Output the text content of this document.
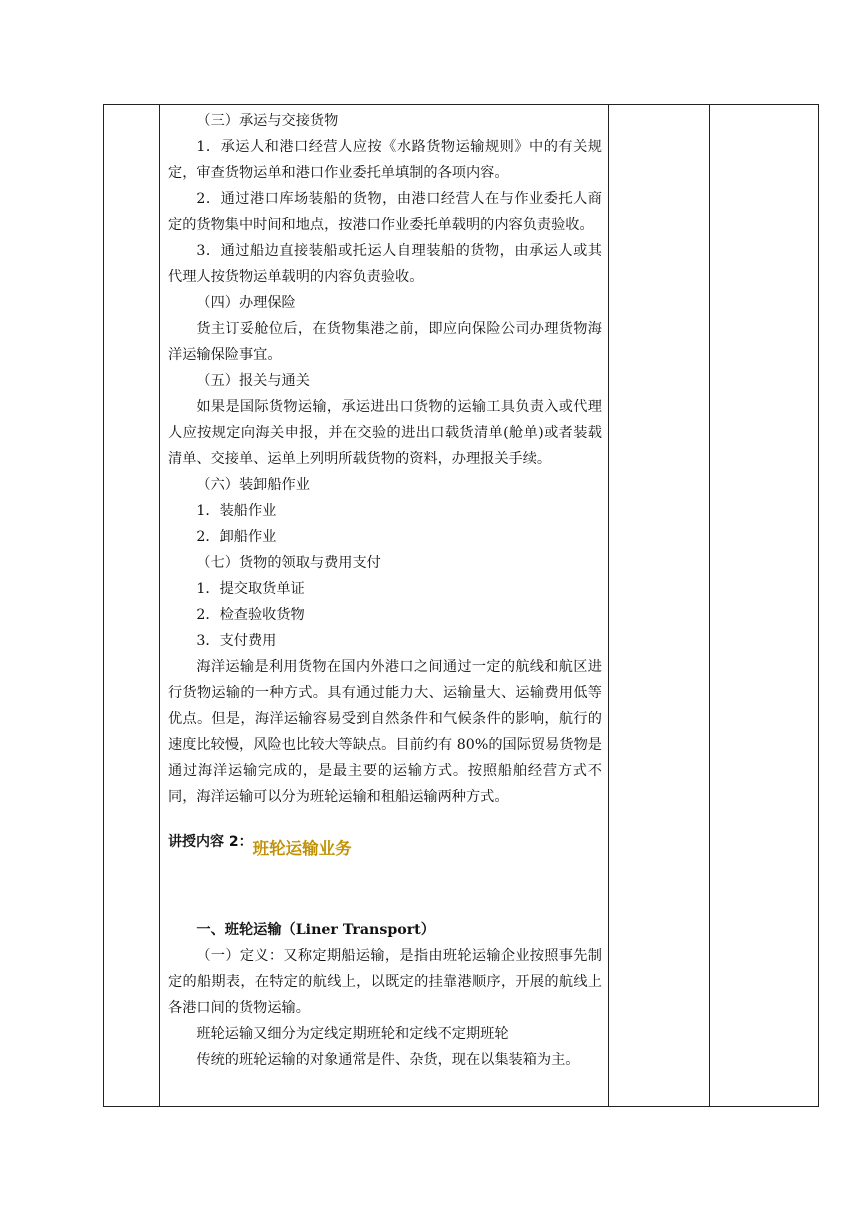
（三）承运与交接货物

1．承运人和港口经营人应按《水路货物运输规则》中的有关规定，审查货物运单和港口作业委托单填制的各项内容。

2．通过港口库场装船的货物，由港口经营人在与作业委托人商定的货物集中时间和地点，按港口作业委托单载明的内容负责验收。

3．通过船边直接装船或托运人自理装船的货物，由承运人或其代理人按货物运单载明的内容负责验收。

（四）办理保险

货主订妥舱位后，在货物集港之前，即应向保险公司办理货物海洋运输保险事宜。

（五）报关与通关

如果是国际货物运输，承运进出口货物的运输工具负责入或代理人应按规定向海关申报，并在交验的进出口载货清单(舱单)或者装载清单、交接单、运单上列明所载货物的资料，办理报关手续。

（六）装卸船作业

1．装船作业

2．卸船作业

（七）货物的领取与费用支付

1．提交取货单证

2．检查验收货物

3．支付费用

海洋运输是利用货物在国内外港口之间通过一定的航线和航区进行货物运输的一种方式。具有通过能力大、运输量大、运输费用低等优点。但是，海洋运输容易受到自然条件和气候条件的影响，航行的速度比较慢，风险也比较大等缺点。目前约有 80%的国际贸易货物是通过海洋运输完成的，是最主要的运输方式。按照船舶经营方式不同，海洋运输可以分为班轮运输和租船运输两种方式。

讲授内容 2：班轮运输业务

一、班轮运输（Liner Transport）

（一）定义：又称定期船运输，是指由班轮运输企业按照事先制定的船期表，在特定的航线上，以既定的挂靠港顺序，开展的航线上各港口间的货物运输。

班轮运输又细分为定线定期班轮和定线不定期班轮

传统的班轮运输的对象通常是件、杂货，现在以集装箱为主。
